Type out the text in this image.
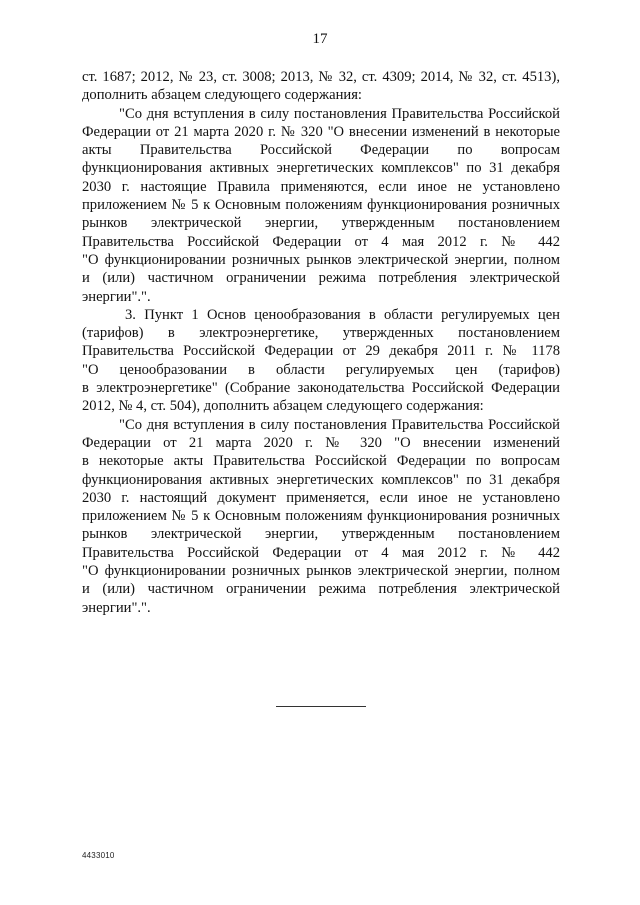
17

ст. 1687; 2012, № 23, ст. 3008; 2013, № 32, ст. 4309; 2014, № 32, ст. 4513),
дополнить абзацем следующего содержания:

"Со дня вступления в силу постановления Правительства Российской
Федерации от 21 марта 2020 г. № 320 "О внесении изменений в некоторые
акты Правительства Российской Федерации по вопросам
функционирования активных энергетических комплексов" по 31 декабря
2030 г. настоящие Правила применяются, если иное не установлено
приложением № 5 к Основным положениям функционирования розничных
рынков электрической энергии, утвержденным постановлением
Правительства Российской Федерации от 4 мая 2012 г. № 442
"О функционировании розничных рынков электрической энергии, полном
и (или) частичном ограничении режима потребления электрической
энергии".".

3. Пункт 1 Основ ценообразования в области регулируемых цен
(тарифов) в электроэнергетике, утвержденных постановлением
Правительства Российской Федерации от 29 декабря 2011 г. № 1178
"О ценообразовании в области регулируемых цен (тарифов)
в электроэнергетике" (Собрание законодательства Российской Федерации
2012, № 4, ст. 504), дополнить абзацем следующего содержания:

"Со дня вступления в силу постановления Правительства Российской
Федерации от 21 марта 2020 г. № 320 "О внесении изменений
в некоторые акты Правительства Российской Федерации по вопросам
функционирования активных энергетических комплексов" по 31 декабря
2030 г. настоящий документ применяется, если иное не установлено
приложением № 5 к Основным положениям функционирования розничных
рынков электрической энергии, утвержденным постановлением
Правительства Российской Федерации от 4 мая 2012 г. № 442
"О функционировании розничных рынков электрической энергии, полном
и (или) частичном ограничении режима потребления электрической
энергии".".

4433010
